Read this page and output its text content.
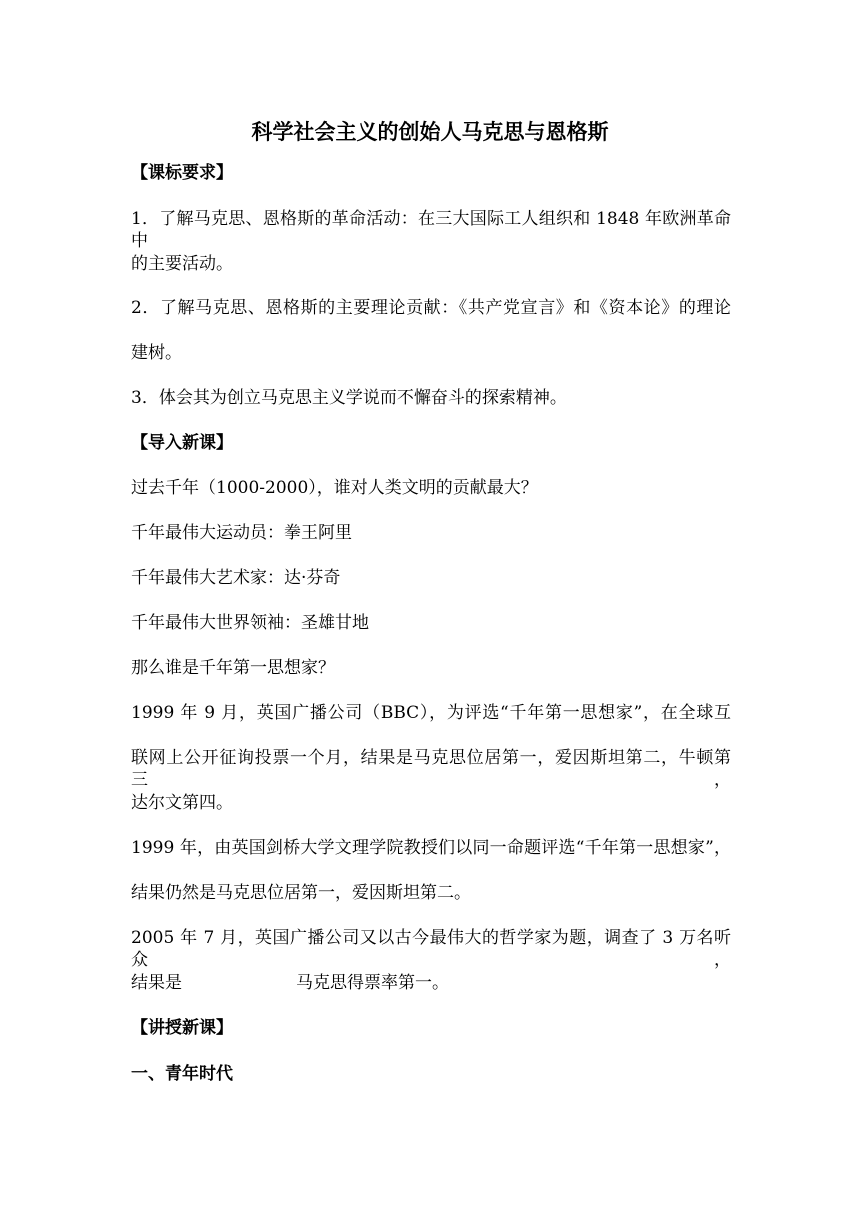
科学社会主义的创始人马克思与恩格斯
【课标要求】
1．了解马克思、恩格斯的革命活动：在三大国际工人组织和 1848 年欧洲革命中
的主要活动。
2．了解马克思、恩格斯的主要理论贡献：《共产党宣言》和《资本论》的理论
建树。
3．体会其为创立马克思主义学说而不懈奋斗的探索精神。
【导入新课】
过去千年（1000-2000），谁对人类文明的贡献最大？
千年最伟大运动员：拳王阿里
千年最伟大艺术家：达·芬奇
千年最伟大世界领袖：圣雄甘地
那么谁是千年第一思想家？
1999 年 9 月，英国广播公司（BBC），为评选“千年第一思想家”，在全球互
联网上公开征询投票一个月，结果是马克思位居第一，爱因斯坦第二，牛顿第三，
达尔文第四。
1999 年，由英国剑桥大学文理学院教授们以同一命题评选“千年第一思想家”，
结果仍然是马克思位居第一，爱因斯坦第二。
2005 年 7 月，英国广播公司又以古今最伟大的哲学家为题，调查了 3 万名听众，
结果是	马克思得票率第一。
【讲授新课】
一、青年时代
